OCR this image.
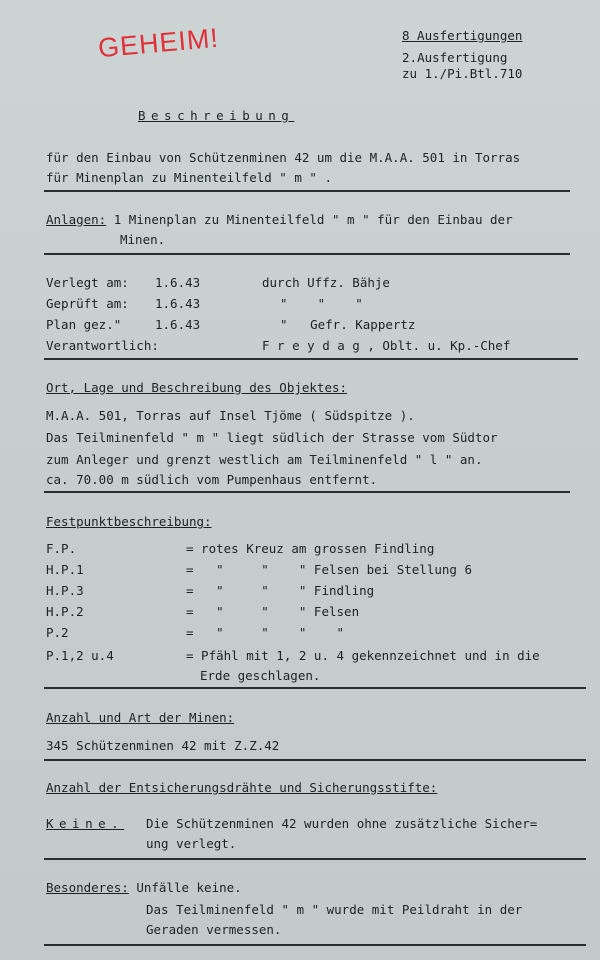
GEHEIM!	8 Ausfertigungen
2.Ausfertigung
zu 1./Pi.Btl.710
Beschreibung
für den Einbau von Schützenminen 42 um die M.A.A. 501 in Torras
für Minenplan zu Minenteilfeld " m " .
Anlagen: 1 Minenplan zu Minenteilfeld " m " für den Einbau der
Minen.
Verlegt am: 1.6.43	durch Uffz. Bähje
Geprüft am: 1.6.43	"    "    "
Plan gez."	1.6.43	"   Gefr. Kappertz
Verantwortlich:	F r e y d a g , Oblt. u. Kp.-Chef
Ort, Lage und Beschreibung des Objektes:
M.A.A. 501, Torras auf Insel Tjöme ( Südspitze ).
Das Teilminenfeld " m " liegt südlich der Strasse vom Südtor
zum Anleger und grenzt westlich am Teilminenfeld " l " an.
ca. 70.00 m südlich vom Pumpenhaus entfernt.
Festpunktbeschreibung:
F.P.	= rotes Kreuz am grossen Findling
H.P.1	=   "     "    " Felsen bei Stellung 6
H.P.3	=   "     "    " Findling
H.P.2	=   "     "    " Felsen
P.2	=   "     "    "    "
P.1,2 u.4	= Pfähl mit 1, 2 u. 4 gekennzeichnet und in die
Erde geschlagen.
Anzahl und Art der Minen:
345 Schützenminen 42 mit Z.Z.42
Anzahl der Entsicherungsdrähte und Sicherungsstifte:
Keine. Die Schützenminen 42 wurden ohne zusätzliche Sicher=
ung verlegt.
Besonderes: Unfälle keine.
Das Teilminenfeld " m " wurde mit Peildraht in der
Geraden vermessen.
